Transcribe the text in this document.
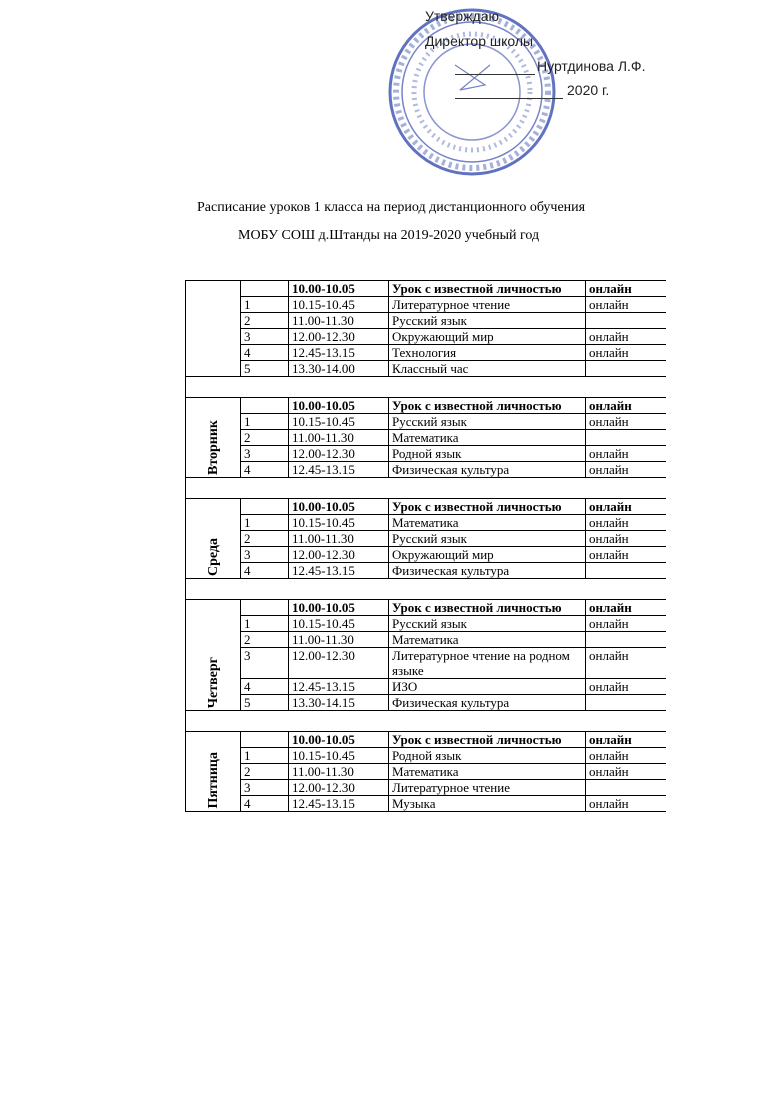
Утверждаю
Директор школы
Нуртдинова Л.Ф.
2020 г.
Расписание уроков 1 класса на период дистанционного обучения
МОБУ СОШ д.Штанды на 2019-2020 учебный год
		10.00-10.05	Урок с известной личностью	онлайн
	1	10.15-10.45	Литературное чтение	онлайн
	2	11.00-11.30	Русский язык	
	3	12.00-12.30	Окружающий мир	онлайн
	4	12.45-13.15	Технология	онлайн
	5	13.30-14.00	Классный час	

Вторник		10.00-10.05	Урок с известной личностью	онлайн
	1	10.15-10.45	Русский язык	онлайн
	2	11.00-11.30	Математика	
	3	12.00-12.30	Родной язык	онлайн
	4	12.45-13.15	Физическая культура	онлайн

Среда		10.00-10.05	Урок с известной личностью	онлайн
	1	10.15-10.45	Математика	онлайн
	2	11.00-11.30	Русский язык	онлайн
	3	12.00-12.30	Окружающий мир	онлайн
	4	12.45-13.15	Физическая культура	

Четверг		10.00-10.05	Урок с известной личностью	онлайн
	1	10.15-10.45	Русский язык	онлайн
	2	11.00-11.30	Математика	
	3	12.00-12.30	Литературное чтение на родном языке	онлайн
	4	12.45-13.15	ИЗО	онлайн
	5	13.30-14.15	Физическая культура	

Пятница		10.00-10.05	Урок с известной личностью	онлайн
	1	10.15-10.45	Родной язык	онлайн
	2	11.00-11.30	Математика	онлайн
	3	12.00-12.30	Литературное чтение	
	4	12.45-13.15	Музыка	онлайн
